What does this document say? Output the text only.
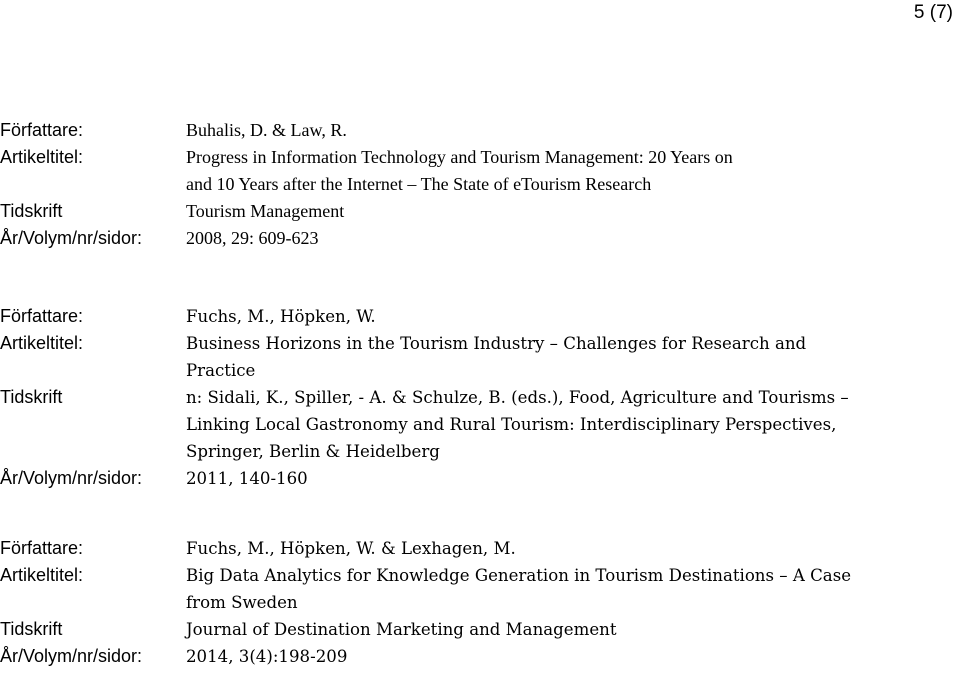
5 (7)
Författare:	Buhalis, D. & Law, R.
Artikeltitel:	Progress in Information Technology and Tourism Management: 20 Years on and 10 Years after the Internet – The State of eTourism Research
Tidskrift	Tourism Management
År/Volym/nr/sidor:	2008, 29: 609-623
Författare:	Fuchs, M., Höpken, W.
Artikeltitel:	Business Horizons in the Tourism Industry – Challenges for Research and Practice
Tidskrift	n: Sidali, K., Spiller, - A. & Schulze, B. (eds.), Food, Agriculture and Tourisms – Linking Local Gastronomy and Rural Tourism: Interdisciplinary Perspectives, Springer, Berlin & Heidelberg
År/Volym/nr/sidor:	2011, 140-160
Författare:	Fuchs, M., Höpken, W. & Lexhagen, M.
Artikeltitel:	Big Data Analytics for Knowledge Generation in Tourism Destinations – A Case from Sweden
Tidskrift	Journal of Destination Marketing and Management
År/Volym/nr/sidor:	2014, 3(4):198-209
